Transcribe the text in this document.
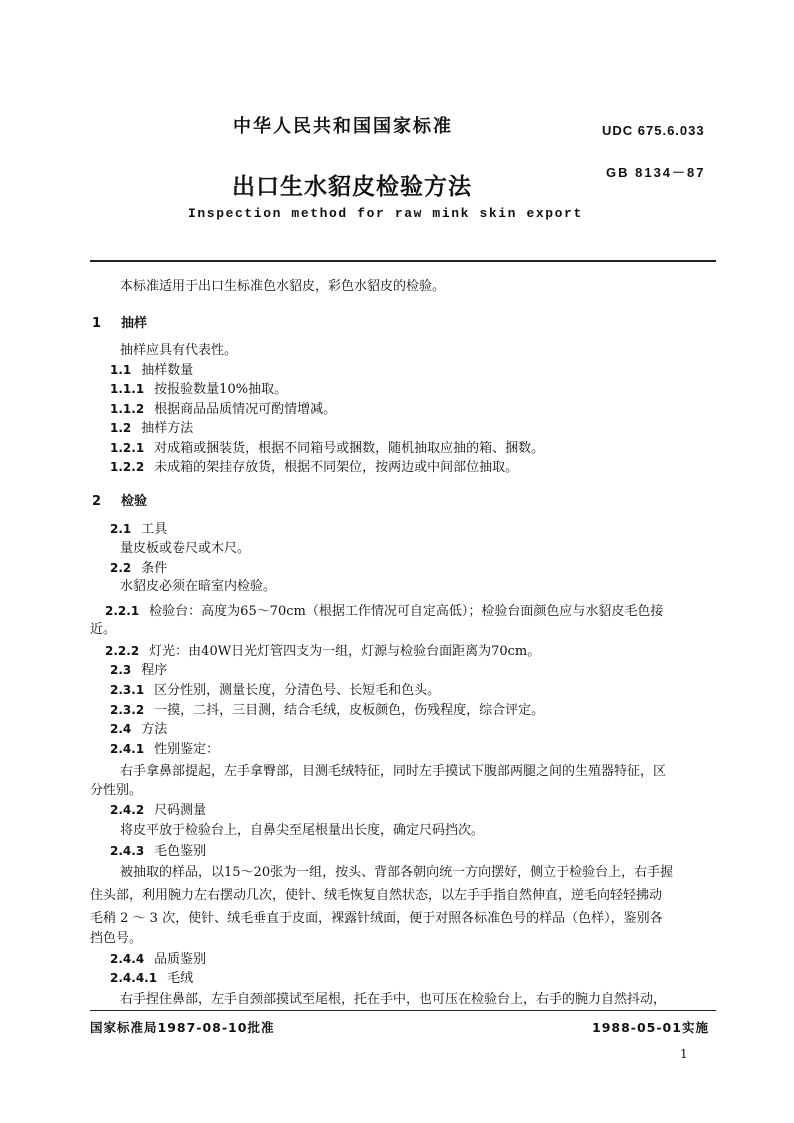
中华人民共和国国家标准	UDC 675.6.033
出口生水貂皮检验方法
GB 8134－87
Inspection method for raw mink skin export
本标准适用于出口生标准色水貂皮，彩色水貂皮的检验。
1 抽样
抽样应具有代表性。
1.1 抽样数量
1.1.1 按报验数量10%抽取。
1.1.2 根据商品品质情况可酌情增减。
1.2 抽样方法
1.2.1 对成箱或捆装货，根据不同箱号或捆数，随机抽取应抽的箱、捆数。
1.2.2 未成箱的架挂存放货，根据不同架位，按两边或中间部位抽取。
2 检验
2.1 工具
量皮板或卷尺或木尺。
2.2 条件
水貂皮必须在暗室内检验。
2.2.1 检验台：高度为65～70cm（根据工作情况可自定高低）；检验台面颜色应与水貂皮毛色接
近。
2.2.2 灯光：由40W日光灯管四支为一组，灯源与检验台面距离为70cm。
2.3 程序
2.3.1 区分性别，测量长度，分清色号、长短毛和色头。
2.3.2 一摸，二抖，三目测，结合毛绒，皮板颜色，伤残程度，综合评定。
2.4 方法
2.4.1 性别鉴定：
右手拿鼻部提起，左手拿臀部，目测毛绒特征，同时左手摸试下腹部两腿之间的生殖器特征，区
分性别。
2.4.2 尺码测量
将皮平放于检验台上，自鼻尖至尾根量出长度，确定尺码挡次。
2.4.3 毛色鉴别
被抽取的样品，以15～20张为一组，按头、背部各朝向统一方向摆好，侧立于检验台上，右手握
住头部，利用腕力左右摆动几次，使针、绒毛恢复自然状态，以左手手指自然伸直，逆毛向轻轻拂动
毛稍 2 ～ 3 次，使针、绒毛垂直于皮面，裸露针绒面，便于对照各标准色号的样品（色样），鉴别各
挡色号。
2.4.4 品质鉴别
2.4.4.1 毛绒
右手捏住鼻部，左手自颈部摸试至尾根，托在手中，也可压在检验台上，右手的腕力自然抖动，
国家标准局1987-08-10批准	1988-05-01实施
1
